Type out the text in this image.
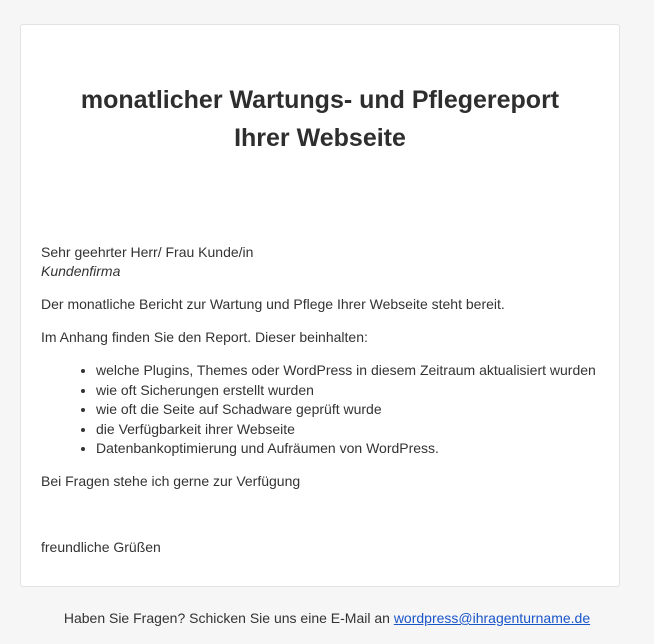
monatlicher Wartungs- und Pflegereport
Ihrer Webseite

Sehr geehrter Herr/ Frau Kunde/in

Kundenfirma

Der monatliche Bericht zur Wartung und Pflege Ihrer Webseite steht bereit.

Im Anhang finden Sie den Report. Dieser beinhalten:

• welche Plugins, Themes oder WordPress in diesem Zeitraum aktualisiert wurden
• wie oft Sicherungen erstellt wurden
• wie oft die Seite auf Schadware geprüft wurde
• die Verfügbarkeit ihrer Webseite
• Datenbankoptimierung und Aufräumen von WordPress.

Bei Fragen stehe ich gerne zur Verfügung

freundliche Grüßen

Haben Sie Fragen? Schicken Sie uns eine E-Mail an wordpress@ihragenturname.de
